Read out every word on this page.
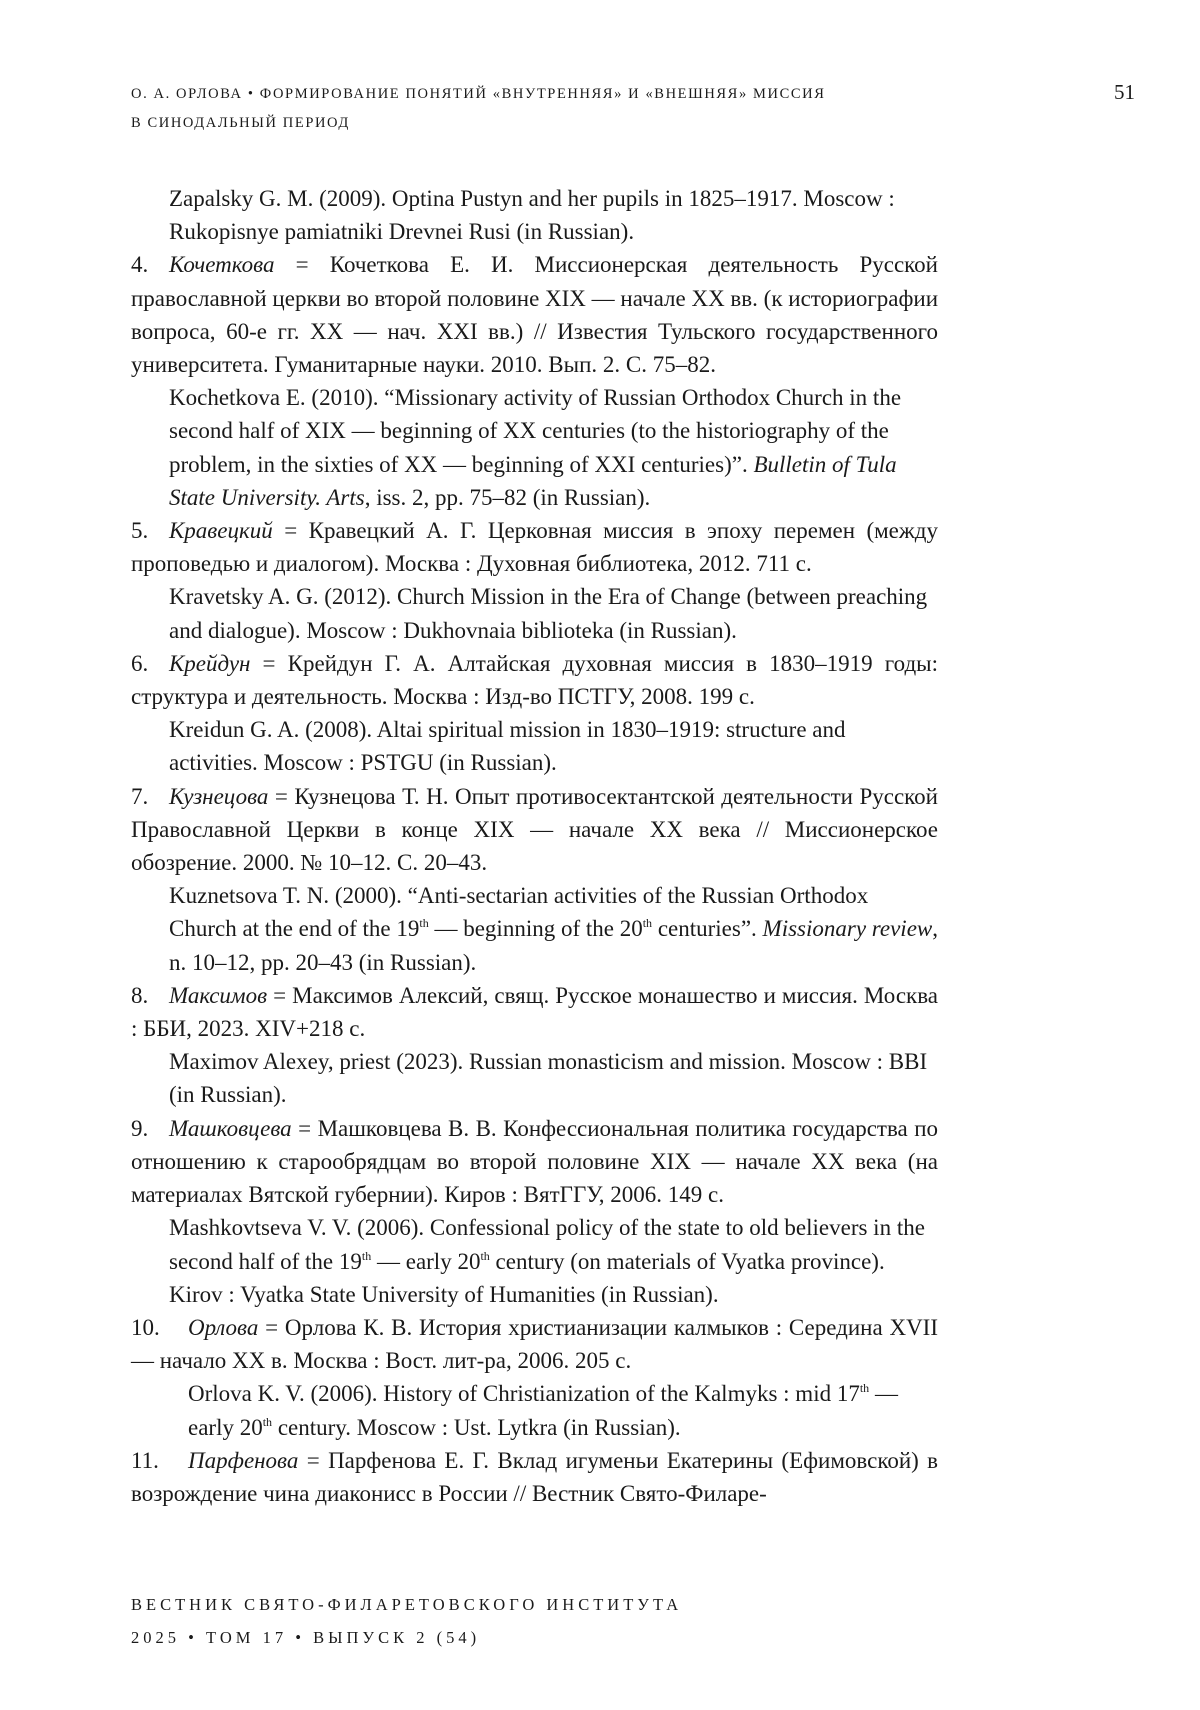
О. А. ОРЛОВА • ФОРМИРОВАНИЕ ПОНЯТИЙ «ВНУТРЕННЯЯ» И «ВНЕШНЯЯ» МИССИЯ
В СИНОДАЛЬНЫЙ ПЕРИОД
51

Zapalsky G. M. (2009). Optina Pustyn and her pupils in 1825–1917. Moscow : Rukopisnye pamiatniki Drevnei Rusi (in Russian).

4. Кочеткова = Кочеткова Е. И. Миссионерская деятельность Русской православной церкви во второй половине XIX — начале XX вв. (к историографии вопроса, 60-е гг. XX — нач. XXI вв.) // Известия Тульского государственного университета. Гуманитарные науки. 2010. Вып. 2. С. 75–82.

Kochetkova E. (2010). “Missionary activity of Russian Orthodox Church in the second half of XIX — beginning of XX centuries (to the historiography of the problem, in the sixties of XX — beginning of XXI centuries)”. Bulletin of Tula State University. Arts, iss. 2, pp. 75–82 (in Russian).

5. Кравецкий = Кравецкий А. Г. Церковная миссия в эпоху перемен (между проповедью и диалогом). Москва : Духовная библиотека, 2012. 711 с.

Kravetsky A. G. (2012). Church Mission in the Era of Change (between preaching and dialogue). Moscow : Dukhovnaia biblioteka (in Russian).

6. Крейдун = Крейдун Г. А. Алтайская духовная миссия в 1830–1919 годы: структура и деятельность. Москва : Изд-во ПСТГУ, 2008. 199 с.

Kreidun G. A. (2008). Altai spiritual mission in 1830–1919: structure and activities. Moscow : PSTGU (in Russian).

7. Кузнецова = Кузнецова Т. Н. Опыт противосектантской деятельности Русской Православной Церкви в конце XIX — начале XX века // Миссионерское обозрение. 2000. № 10–12. С. 20–43.

Kuznetsova T. N. (2000). “Anti-sectarian activities of the Russian Orthodox Church at the end of the 19th — beginning of the 20th centuries”. Missionary review, n. 10–12, pp. 20–43 (in Russian).

8. Максимов = Максимов Алексий, свящ. Русское монашество и миссия. Москва : ББИ, 2023. XIV+218 с.

Maximov Alexey, priest (2023). Russian monasticism and mission. Moscow : BBI (in Russian).

9. Машковцева = Машковцева В. В. Конфессиональная политика государства по отношению к старообрядцам во второй половине XIX — начале XX века (на материалах Вятской губернии). Киров : ВятГГУ, 2006. 149 с.

Mashkovtseva V. V. (2006). Confessional policy of the state to old believers in the second half of the 19th — early 20th century (on materials of Vyatka province). Kirov : Vyatka State University of Humanities (in Russian).

10. Орлова = Орлова К. В. История христианизации калмыков : Середина XVII — начало XX в. Москва : Вост. лит-ра, 2006. 205 с.

Orlova K. V. (2006). History of Christianization of the Kalmyks : mid 17th — early 20th century. Moscow : Ust. Lytkra (in Russian).

11. Парфенова = Парфенова Е. Г. Вклад игуменьи Екатерины (Ефимовской) в возрождение чина диаконисс в России // Вестник Свято-Филаре-

ВЕСТНИК СВЯТО-ФИЛАРЕТОВСКОГО ИНСТИТУТА
2025 • ТОМ 17 • ВЫПУСК 2 (54)
